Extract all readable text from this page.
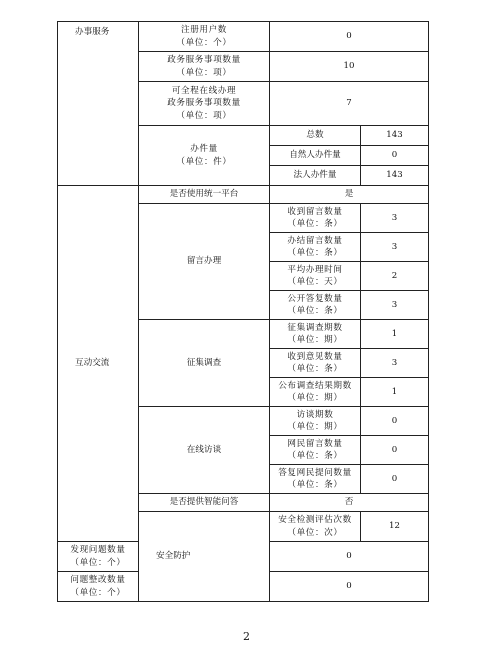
办事服务	注册用户数
（单位：个）	0	

	政务服务事项数量
（单位：项）	10	

	可全程在线办理
政务服务事项数量
（单位：项）	7	

	办件量
（单位：件）	总数	143
		自然人办件量	0
		法人办件量	143
互动交流	是否使用统一平台	是	
	留言办理	收到留言数量
（单位：条）	3

		办结留言数量
（单位：条）	3

		平均办理时间
（单位：天）	2

		公开答复数量
（单位：条）	3
	征集调查	征集调查期数
（单位：期）	1

		收到意见数量
（单位：条）	3

		公布调查结果期数
（单位：期）	1
	在线访谈	访谈期数
（单位：期）	0

		网民留言数量
（单位：条）	0

		答复网民提问数量
（单位：条）	0
	是否提供智能问答	否	
	安全防护	安全检测评估次数
（单位：次）	12

发现问题数量
（单位：个）		0	

问题整改数量
（单位：个）		0	
2
